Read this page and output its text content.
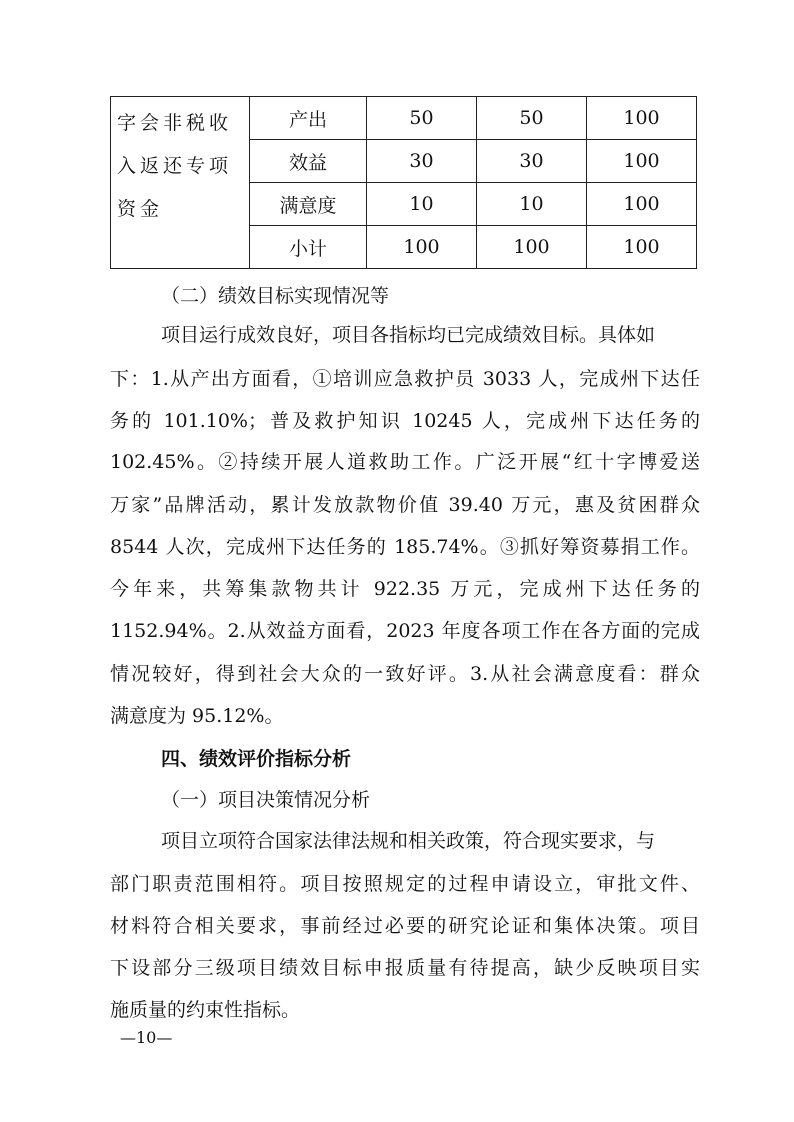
字会非税收
入返还专项
资金	产出	50	50	100
	效益	30	30	100
	满意度	10	10	100
	小计	100	100	100
（二）绩效目标实现情况等
项目运行成效良好，项目各指标均已完成绩效目标。具体如
下：1.从产出方面看，①培训应急救护员 3033 人，完成州下达任
务的 101.10%；普及救护知识 10245 人，完成州下达任务的
102.45%。②持续开展人道救助工作。广泛开展“红十字博爱送
万家”品牌活动，累计发放款物价值 39.40 万元，惠及贫困群众
8544 人次，完成州下达任务的 185.74%。③抓好筹资募捐工作。
今年来，共筹集款物共计 922.35 万元，完成州下达任务的
1152.94%。2.从效益方面看，2023 年度各项工作在各方面的完成
情况较好，得到社会大众的一致好评。3.从社会满意度看：群众
满意度为 95.12%。
四、绩效评价指标分析
（一）项目决策情况分析
项目立项符合国家法律法规和相关政策，符合现实要求，与
部门职责范围相符。项目按照规定的过程申请设立，审批文件、
材料符合相关要求，事前经过必要的研究论证和集体决策。项目
下设部分三级项目绩效目标申报质量有待提高，缺少反映项目实
施质量的约束性指标。
—10—
